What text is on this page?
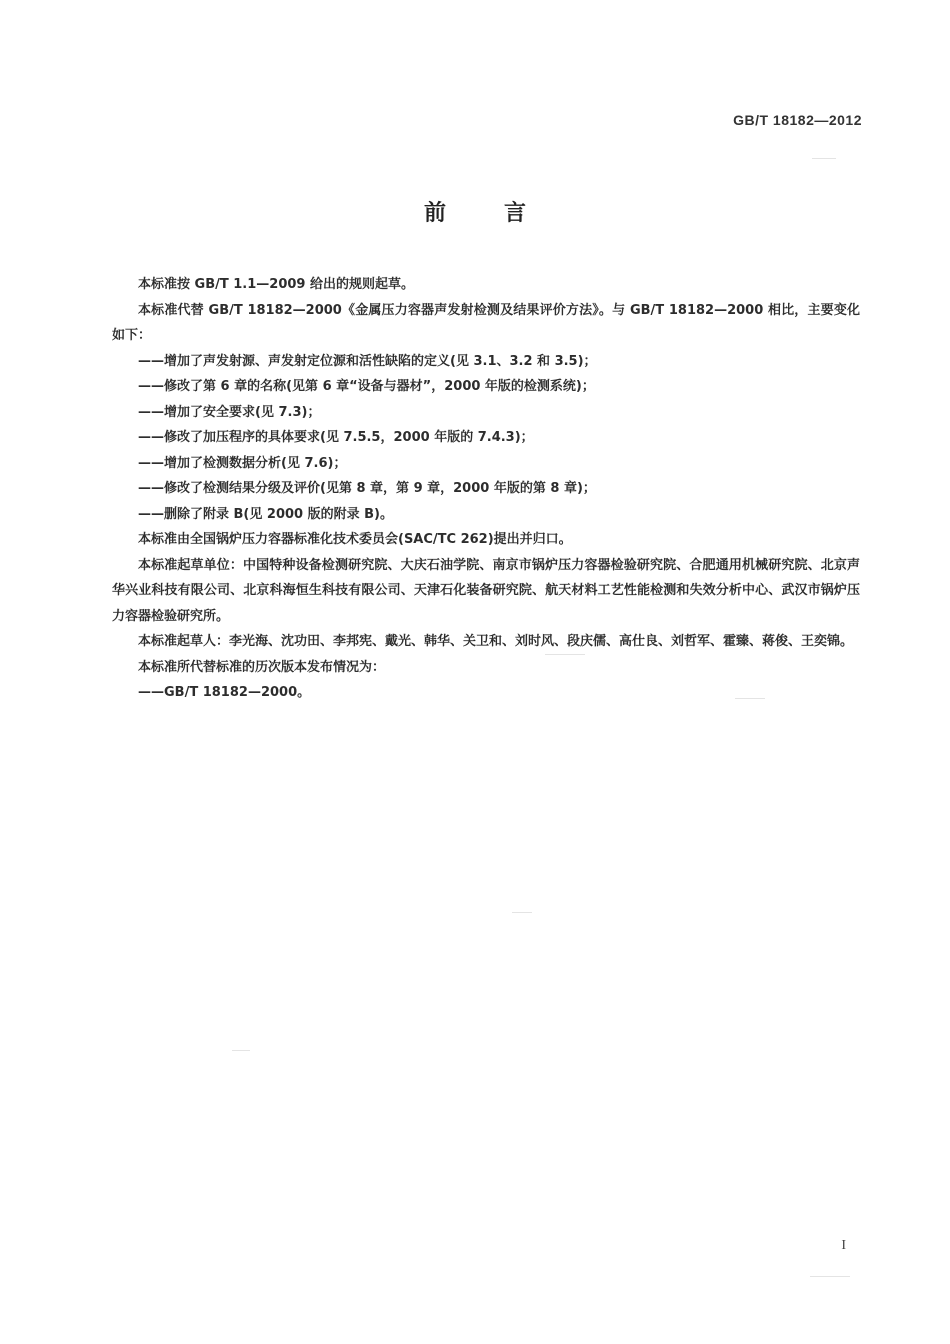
GB/T 18182—2012
前言

本标准按 GB/T 1.1—2009 给出的规则起草。

本标准代替 GB/T 18182—2000《金属压力容器声发射检测及结果评价方法》。与 GB/T 18182—2000 相比，主要变化如下：

——增加了声发射源、声发射定位源和活性缺陷的定义(见 3.1、3.2 和 3.5)；

——修改了第 6 章的名称(见第 6 章“设备与器材”，2000 年版的检测系统)；

——增加了安全要求(见 7.3)；

——修改了加压程序的具体要求(见 7.5.5，2000 年版的 7.4.3)；

——增加了检测数据分析(见 7.6)；

——修改了检测结果分级及评价(见第 8 章，第 9 章，2000 年版的第 8 章)；

——删除了附录 B(见 2000 版的附录 B)。

本标准由全国锅炉压力容器标准化技术委员会(SAC/TC 262)提出并归口。

本标准起草单位：中国特种设备检测研究院、大庆石油学院、南京市锅炉压力容器检验研究院、合肥通用机械研究院、北京声华兴业科技有限公司、北京科海恒生科技有限公司、天津石化装备研究院、航天材料工艺性能检测和失效分析中心、武汉市锅炉压力容器检验研究所。

本标准起草人：李光海、沈功田、李邦宪、戴光、韩华、关卫和、刘时风、段庆儒、高仕良、刘哲军、霍臻、蒋俊、王奕锦。

本标准所代替标准的历次版本发布情况为：

——GB/T 18182—2000。

I
